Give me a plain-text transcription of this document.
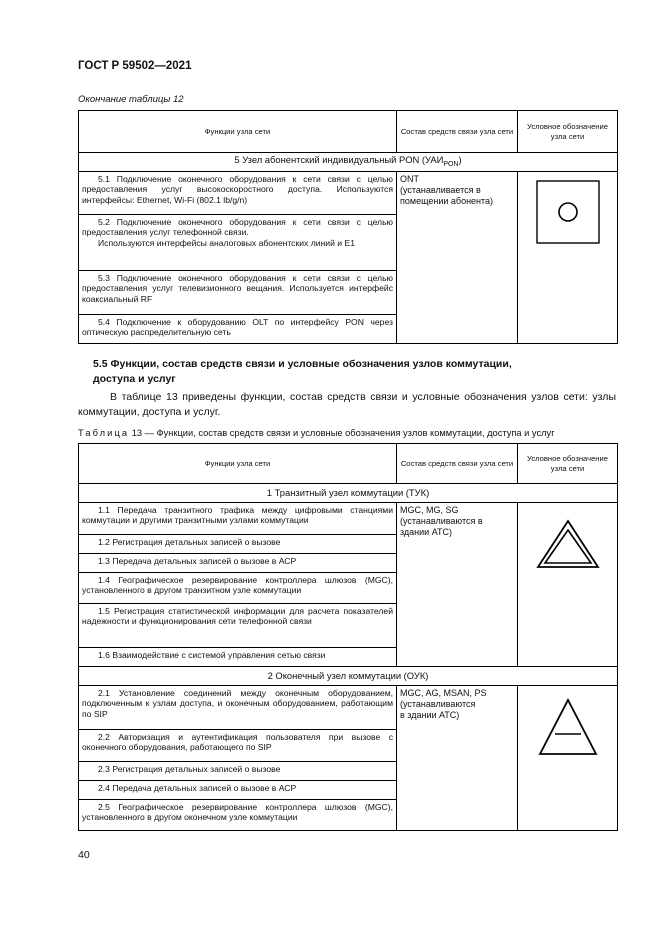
ГОСТ Р 59502—2021
Окончание таблицы 12
Функции узла сети	Состав средств связи узла сети	Условное обозначение узла сети
5 Узел абонентский индивидуальный PON $(УАИ_{PON})$		

5.1 Подключение оконечного оборудования к сети связи с целью предоставления услуг высокоскоростного доступа. Используются интерфейсы: Ethernet, Wi-Fi (802.1 lb/g/n)	ONT
(устанавливается в помещении абонента)

5.2 Подключение оконечного оборудования к сети связи с целью предоставления услуг телефонной связи.
Используются интерфейсы аналоговых абонентских линий и E1		

5.3 Подключение оконечного оборудования к сети связи с целью предоставления услуг телевизионного вещания. Используется интерфейс коаксиальный RF		

5.4 Подключение к оборудованию OLT по интерфейсу PON через оптическую распределительную сеть		
5.5 Функции, состав средств связи и условные обозначения узлов коммутации,
доступа и услуг
В таблице 13 приведены функции, состав средств связи и условные обозначения узлов сети: узлы коммутации, доступа и услуг.
Таблица 13 — Функции, состав средств связи и условные обозначения узлов коммутации, доступа и услуг
Функции узла сети	Состав средств связи узла сети	Условное обозначение узла сети
1 Транзитный узел коммутации (ТУК)		

1.1 Передача транзитного трафика между цифровыми станциями коммутации и другими транзитными узлами коммутации	MGC, MG, SG (устанавливаются в здании АТС)	

1.2 Регистрация детальных записей о вызове		

1.3 Передача детальных записей о вызове в АСР		

1.4 Географическое резервирование контроллера шлюзов (MGC), установленного в другом транзитном узле коммутации		

1.5 Регистрация статистической информации для расчета показателей надежности и функционирования сети телефонной связи		

1.6 Взаимодействие с системой управления сетью связи		

2 Оконечный узел коммутации (ОУК)		

2.1 Установление соединений между оконечным оборудованием, подключенным к узлам доступа, и оконечным оборудованием, работающим по SIP	MGC, AG, MSAN, PS
(устанавливаются
в здании АТС)

2.2 Авторизация и аутентификация пользователя при вызове с оконечного оборудования, работающего по SIP		

2.3 Регистрация детальных записей о вызове		

2.4 Передача детальных записей о вызове в АСР		

2.5 Географическое резервирование контроллера шлюзов (MGC), установленного в другом оконечном узле коммутации		
40
